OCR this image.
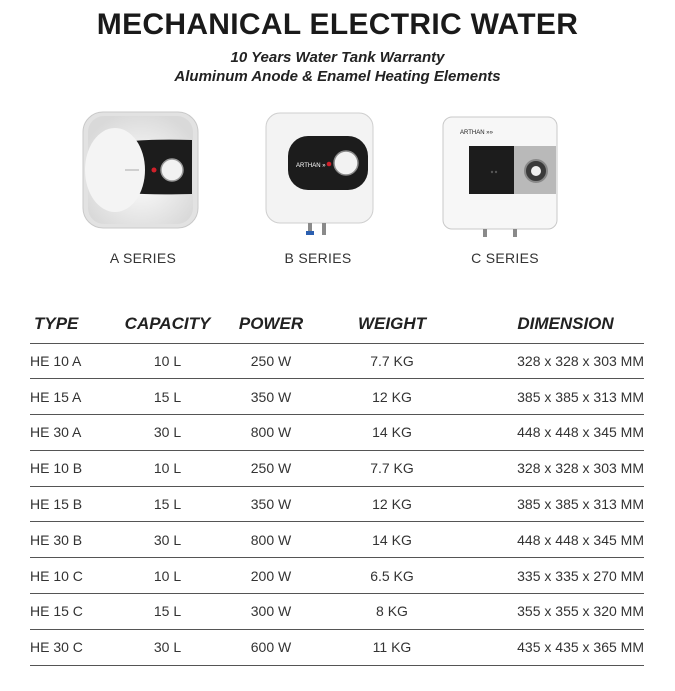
MECHANICAL ELECTRIC WATER
10 Years Water Tank Warranty
Aluminum Anode & Enamel Heating Elements
ARTHAN »
ARTHAN »»
A SERIES	B SERIES	C SERIES
TYPE	CAPACITY	POWER	WEIGHT	DIMENSION
HE 10 A	10 L	250 W	7.7 KG	328 x 328 x 303 MM
HE 15 A	15 L	350 W	12 KG	385 x 385 x 313 MM
HE 30 A	30 L	800 W	14 KG	448 x 448 x 345 MM
HE 10 B	10 L	250 W	7.7 KG	328 x 328 x 303 MM
HE 15 B	15 L	350 W	12 KG	385 x 385 x 313 MM
HE 30 B	30 L	800 W	14 KG	448 x 448 x 345 MM
HE 10 C	10 L	200 W	6.5 KG	335 x 335 x 270 MM
HE 15 C	15 L	300 W	8 KG	355 x 355 x 320 MM
HE 30 C	30 L	600 W	11 KG	435 x 435 x 365 MM
